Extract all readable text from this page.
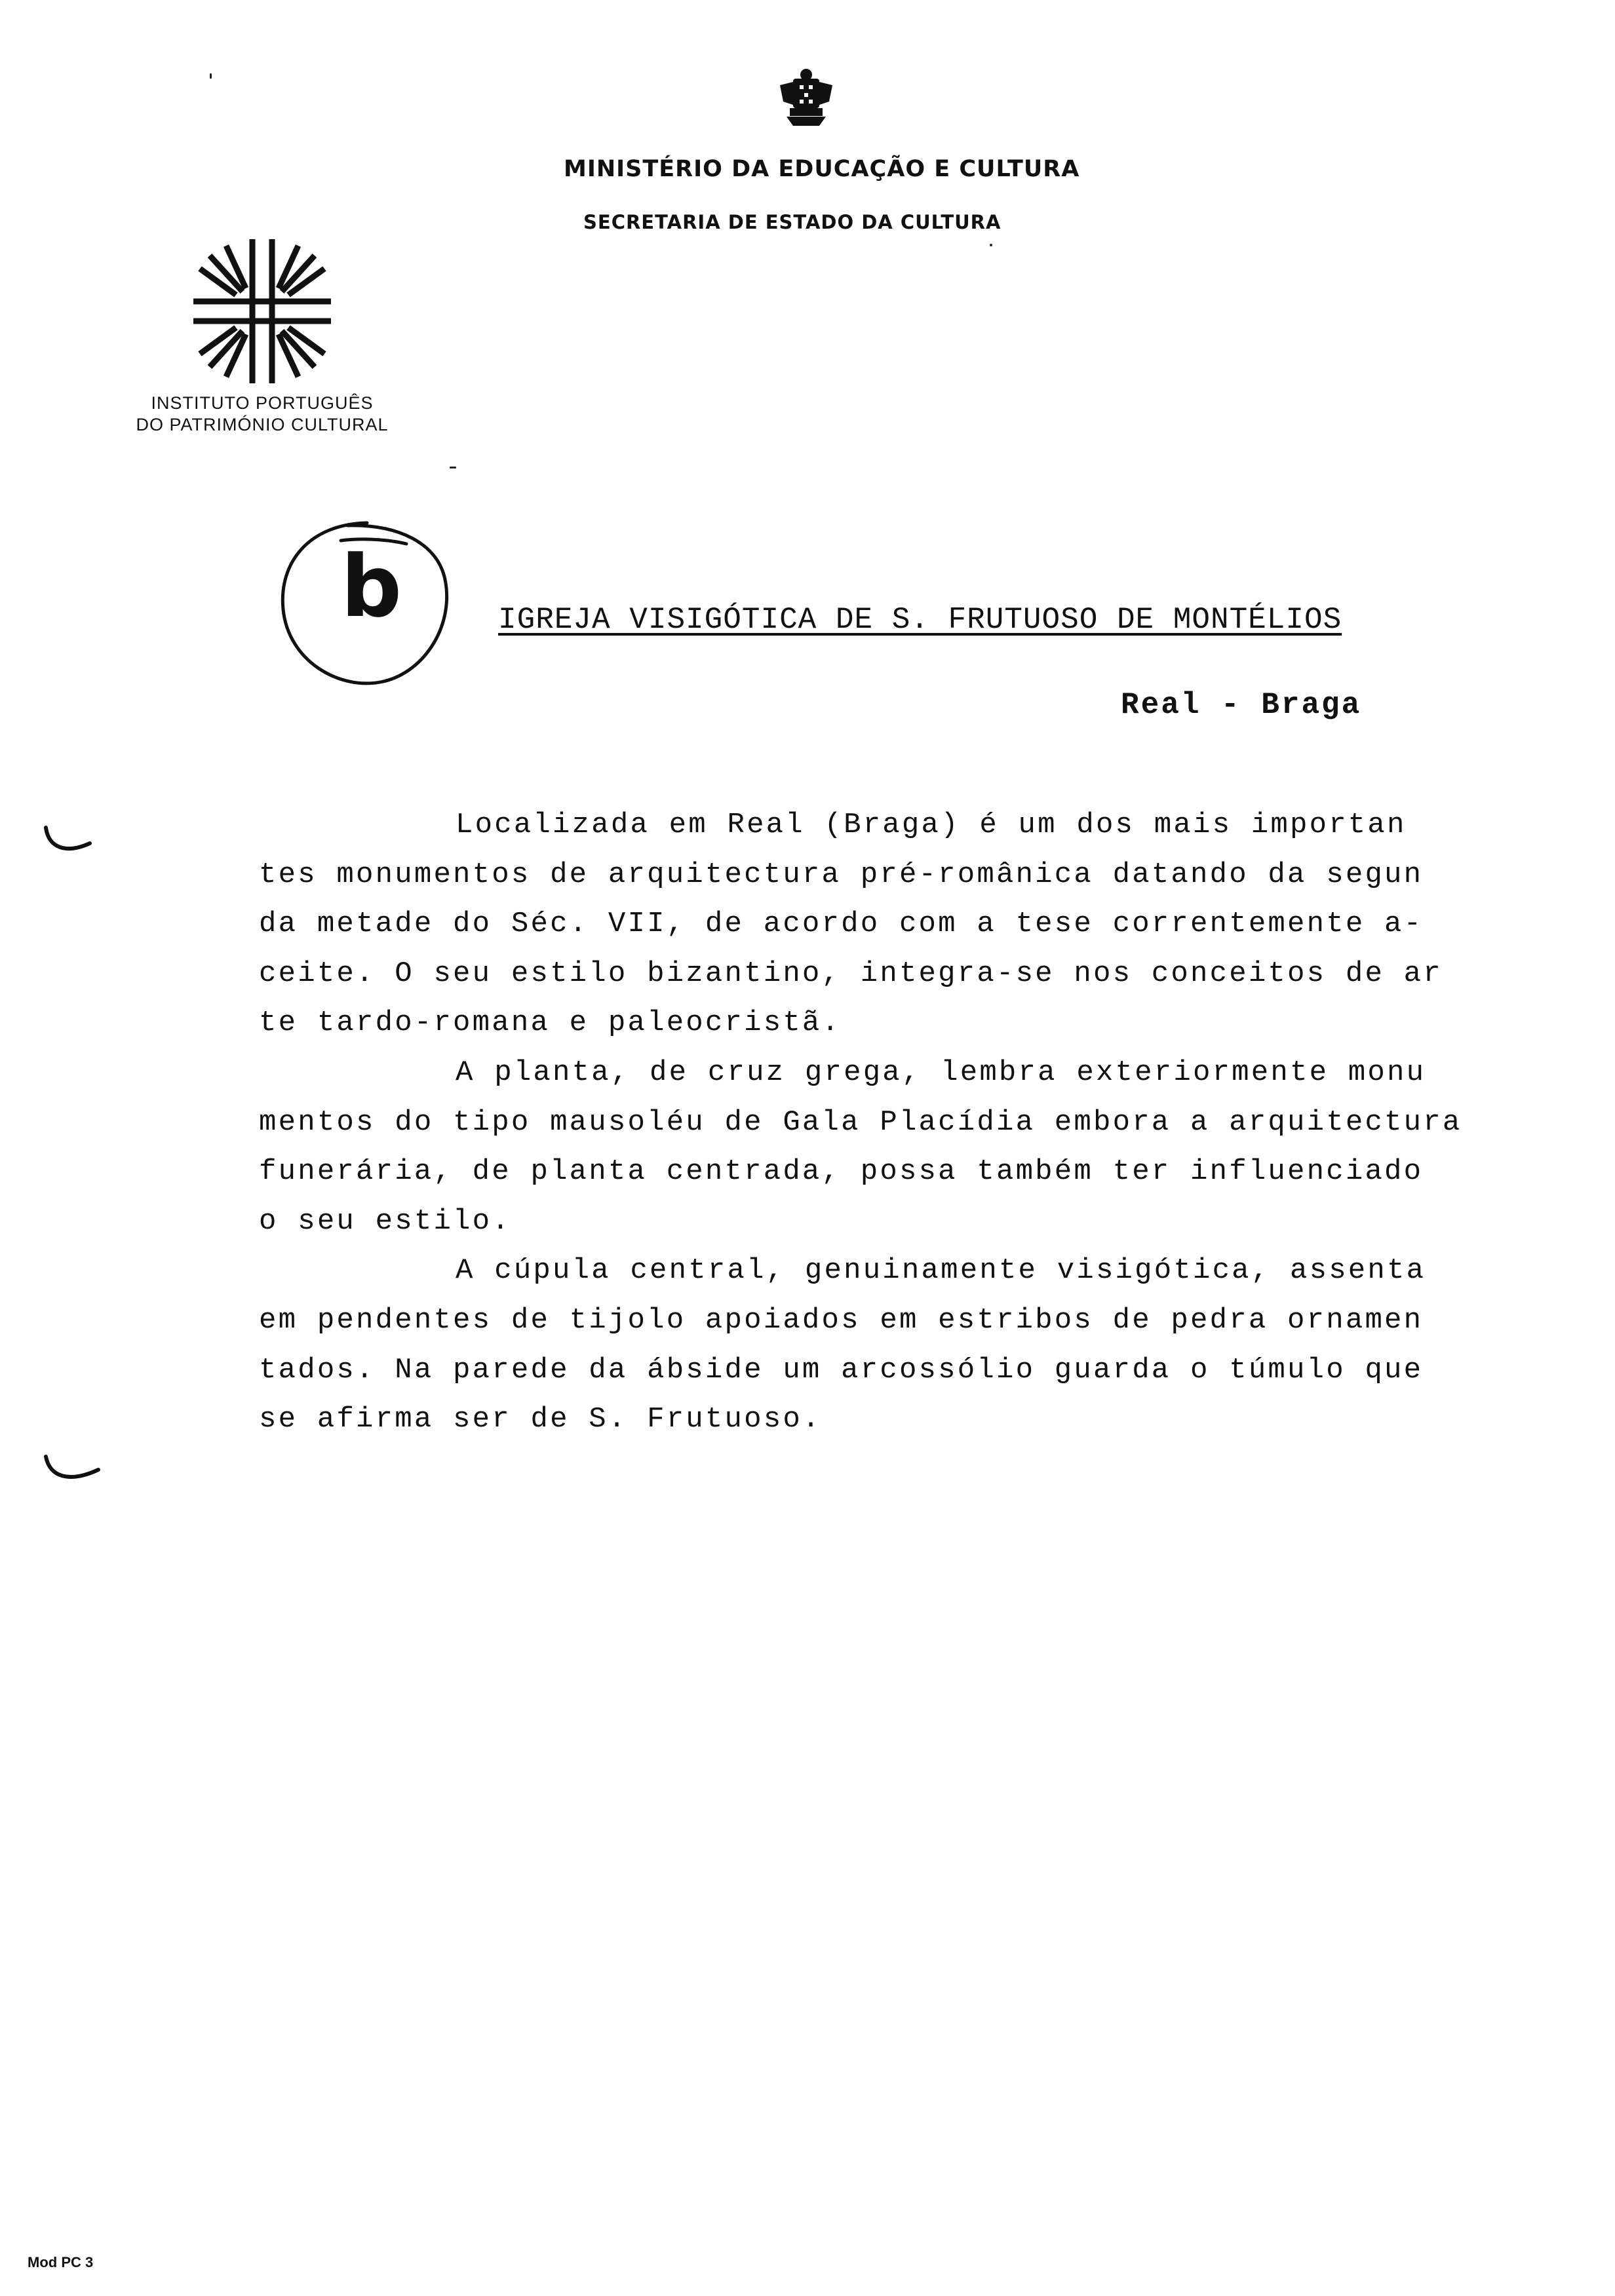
MINISTÉRIO DA EDUCAÇÃO E CULTURA
SECRETARIA DE ESTADO DA CULTURA
INSTITUTO PORTUGUÊS
DO PATRIMÓNIO CULTURAL
b	IGREJA VISIGÓTICA DE S. FRUTUOSO DE MONTÉLIOS
Real - Braga
Localizada em Real (Braga) é um dos mais importan
tes monumentos de arquitectura pré-românica datando da segun
da metade do Séc. VII, de acordo com a tese correntemente a-
ceite. O seu estilo bizantino, integra-se nos conceitos de ar
te tardo-romana e paleocristã.
A planta, de cruz grega, lembra exteriormente monu
mentos do tipo mausoléu de Gala Placídia embora a arquitectura
funerária, de planta centrada, possa também ter influenciado
o seu estilo.
A cúpula central, genuinamente visigótica, assenta
em pendentes de tijolo apoiados em estribos de pedra ornamen
tados. Na parede da ábside um arcossólio guarda o túmulo que
se afirma ser de S. Frutuoso.
Mod PC 3
